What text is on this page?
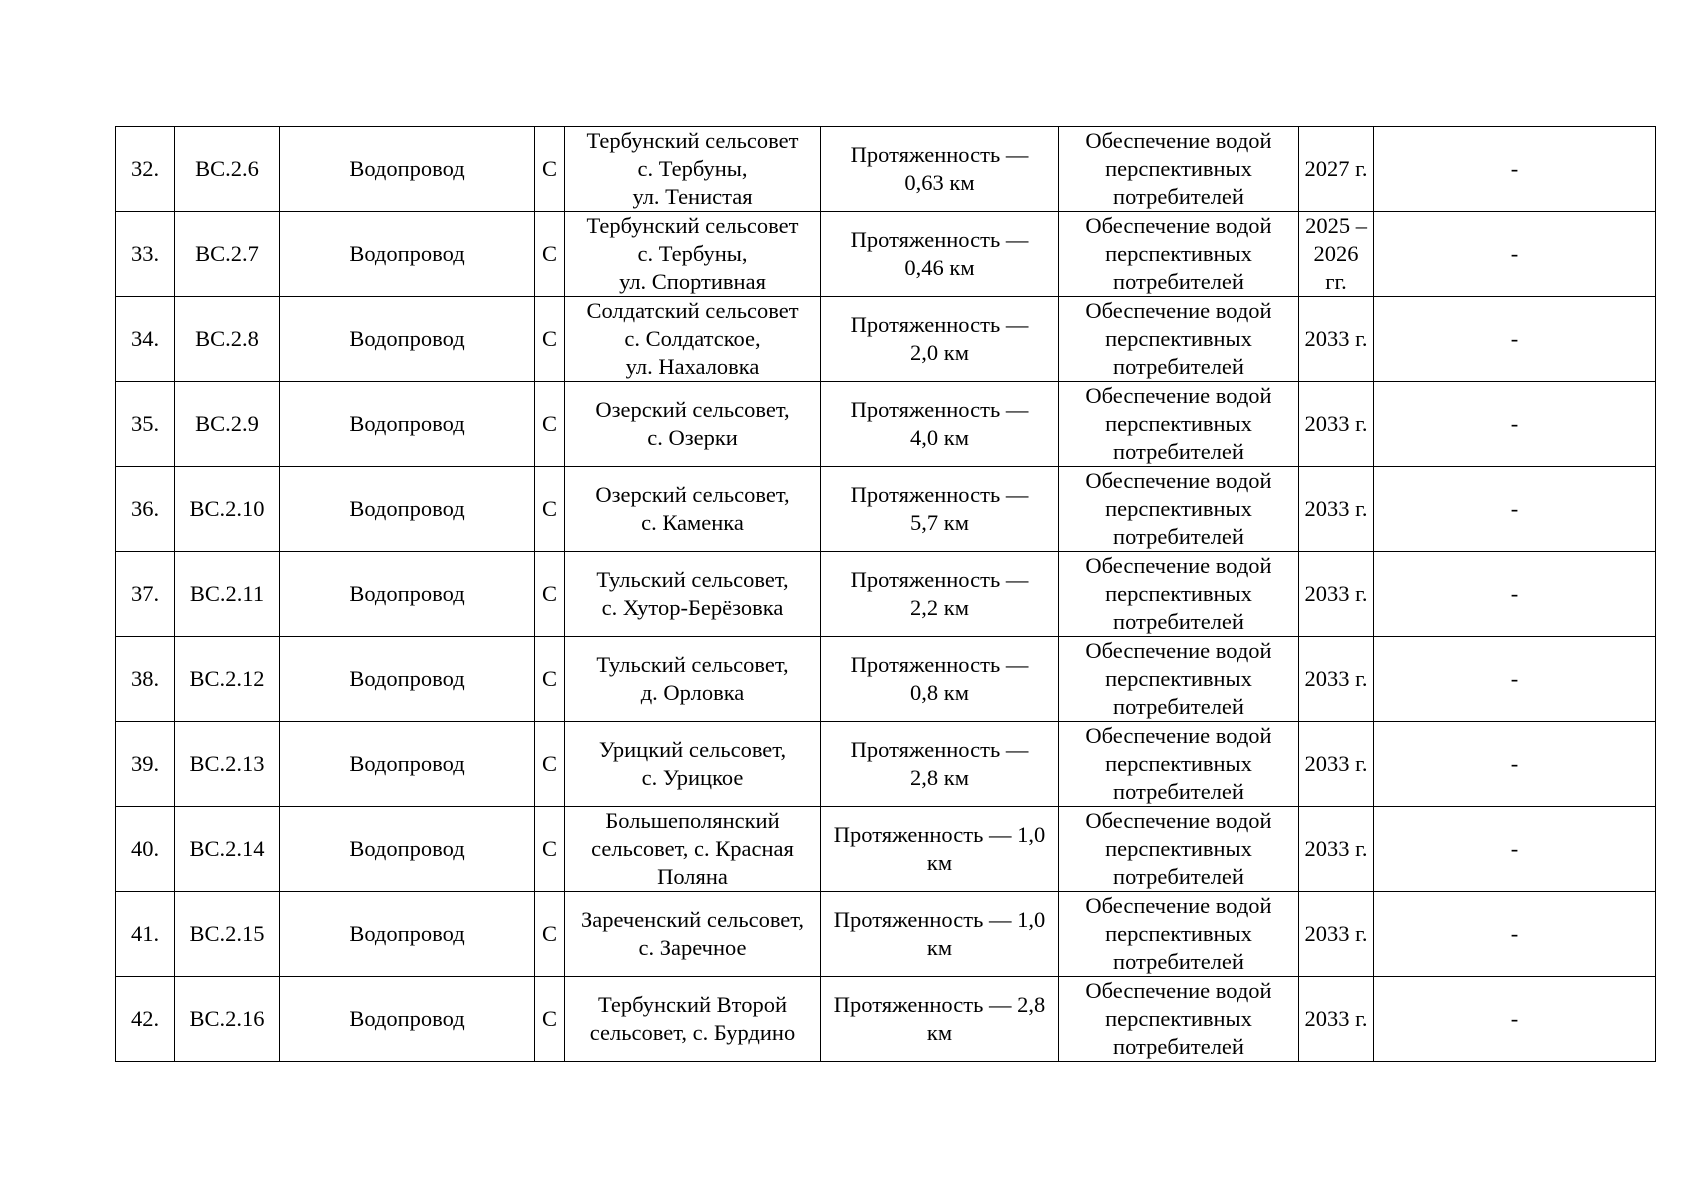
32.	ВС.2.6	Водопровод	С	Тербунский сельсовет
с. Тербуны,
ул. Тенистая	Протяженность —
0,63 км	Обеспечение водой
перспективных
потребителей	2027 г.	-

33.	ВС.2.7	Водопровод	С	Тербунский сельсовет
с. Тербуны,
ул. Спортивная	Протяженность —
0,46 км	Обеспечение водой
перспективных
потребителей	2025 –
2026
гг.	-

34.	ВС.2.8	Водопровод	С	Солдатский сельсовет
с. Солдатское,
ул. Нахаловка	Протяженность —
2,0 км	Обеспечение водой
перспективных
потребителей	2033 г.	-

35.	ВС.2.9	Водопровод	С	Озерский сельсовет,
с. Озерки	Протяженность —
4,0 км	Обеспечение водой
перспективных
потребителей	2033 г.	-

36.	ВС.2.10	Водопровод	С	Озерский сельсовет,
с. Каменка	Протяженность —
5,7 км	Обеспечение водой
перспективных
потребителей	2033 г.	-

37.	ВС.2.11	Водопровод	С	Тульский сельсовет,
с. Хутор-Берёзовка	Протяженность —
2,2 км	Обеспечение водой
перспективных
потребителей	2033 г.	-

38.	ВС.2.12	Водопровод	С	Тульский сельсовет,
д. Орловка	Протяженность —
0,8 км	Обеспечение водой
перспективных
потребителей	2033 г.	-

39.	ВС.2.13	Водопровод	С	Урицкий сельсовет,
с. Урицкое	Протяженность —
2,8 км	Обеспечение водой
перспективных
потребителей	2033 г.	-

40.	ВС.2.14	Водопровод	С	Большеполянский
сельсовет, с. Красная
Поляна	Протяженность — 1,0
км	Обеспечение водой
перспективных
потребителей	2033 г.	-

41.	ВС.2.15	Водопровод	С	Зареченский сельсовет,
с. Заречное	Протяженность — 1,0
км	Обеспечение водой
перспективных
потребителей	2033 г.	-

42.	ВС.2.16	Водопровод	С	Тербунский Второй
сельсовет, с. Бурдино	Протяженность — 2,8
км	Обеспечение водой
перспективных
потребителей	2033 г.	-
